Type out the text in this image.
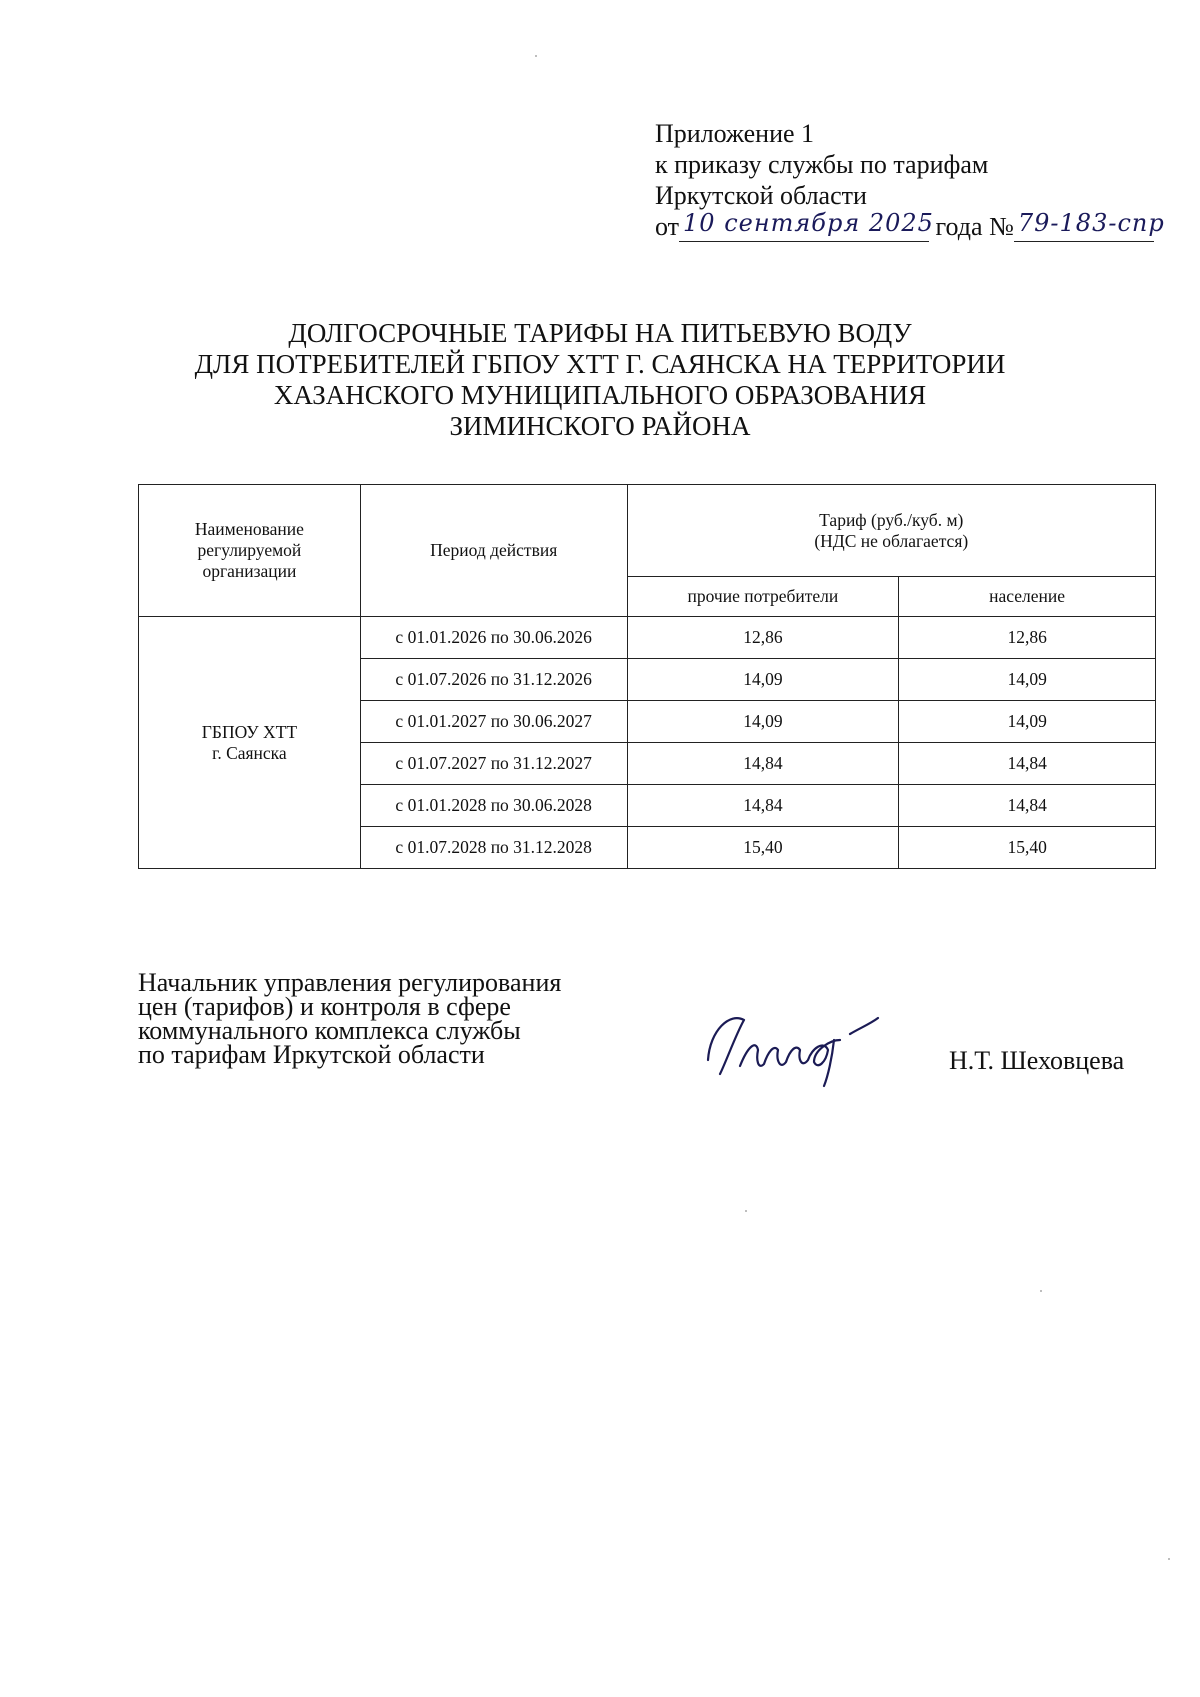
Приложение 1
к приказу службы по тарифам
Иркутской области
от 10 сентября 2025 года № 79-183-спр
ДОЛГОСРОЧНЫЕ ТАРИФЫ НА ПИТЬЕВУЮ ВОДУ
ДЛЯ ПОТРЕБИТЕЛЕЙ ГБПОУ ХТТ Г. САЯНСКА НА ТЕРРИТОРИИ
ХАЗАНСКОГО МУНИЦИПАЛЬНОГО ОБРАЗОВАНИЯ
ЗИМИНСКОГО РАЙОНА
Наименование
регулируемой
организации	Период действия	Тариф (руб./куб. м)
(НДС не облагается)	
		прочие потребители	население
ГБПОУ ХТТ
г. Саянска	с 01.01.2026 по 30.06.2026	12,86	12,86
	с 01.07.2026 по 31.12.2026	14,09	14,09
	с 01.01.2027 по 30.06.2027	14,09	14,09
	с 01.07.2027 по 31.12.2027	14,84	14,84
	с 01.01.2028 по 30.06.2028	14,84	14,84
	с 01.07.2028 по 31.12.2028	15,40	15,40
Начальник управления регулирования
цен (тарифов) и контроля в сфере
коммунального комплекса службы
по тарифам Иркутской области	Н.Т. Шеховцева
